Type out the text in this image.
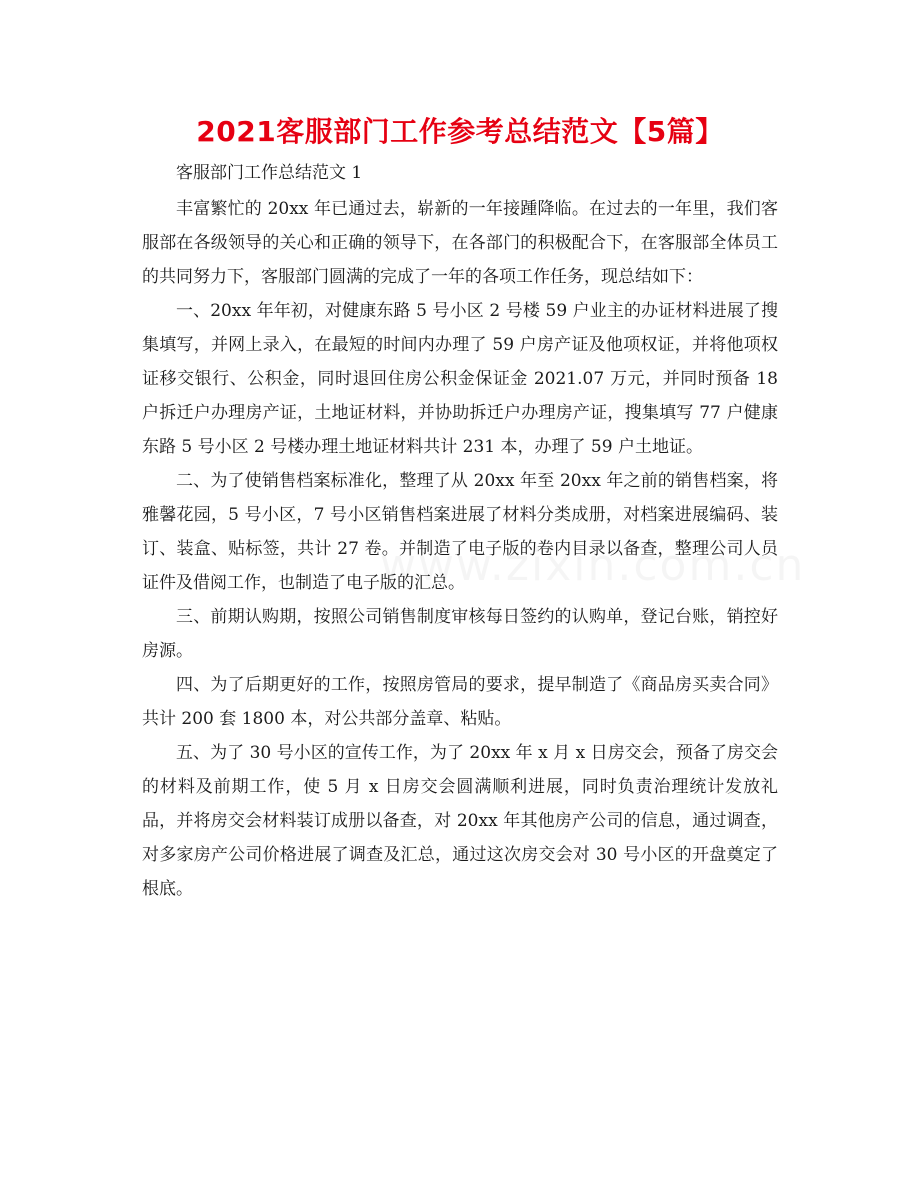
2021客服部门工作参考总结范文【5篇】
客服部门工作总结范文 1

丰富繁忙的 20xx 年已通过去，崭新的一年接踵降临。在过去的一年里，我们客服部在各级领导的关心和正确的领导下，在各部门的积极配合下，在客服部全体员工的共同努力下，客服部门圆满的完成了一年的各项工作任务，现总结如下：

一、20xx 年年初，对健康东路 5 号小区 2 号楼 59 户业主的办证材料进展了搜集填写，并网上录入，在最短的时间内办理了 59 户房产证及他项权证，并将他项权证移交银行、公积金，同时退回住房公积金保证金 2021.07 万元，并同时预备 18 户拆迁户办理房产证，土地证材料，并协助拆迁户办理房产证，搜集填写 77 户健康东路 5 号小区 2 号楼办理土地证材料共计 231 本，办理了 59 户土地证。

二、为了使销售档案标准化，整理了从 20xx 年至 20xx 年之前的销售档案，将雅馨花园，5 号小区，7 号小区销售档案进展了材料分类成册，对档案进展编码、装订、装盒、贴标签，共计 27 卷。并制造了电子版的卷内目录以备查，整理公司人员证件及借阅工作，也制造了电子版的汇总。

三、前期认购期，按照公司销售制度审核每日签约的认购单，登记台账，销控好房源。

四、为了后期更好的工作，按照房管局的要求，提早制造了《商品房买卖合同》共计 200 套 1800 本，对公共部分盖章、粘贴。

五、为了 30 号小区的宣传工作，为了 20xx 年 x 月 x 日房交会，预备了房交会的材料及前期工作，使 5 月 x 日房交会圆满顺利进展，同时负责治理统计发放礼品，并将房交会材料装订成册以备查，对 20xx 年其他房产公司的信息，通过调查，对多家房产公司价格进展了调查及汇总，通过这次房交会对 30 号小区的开盘奠定了根底。
